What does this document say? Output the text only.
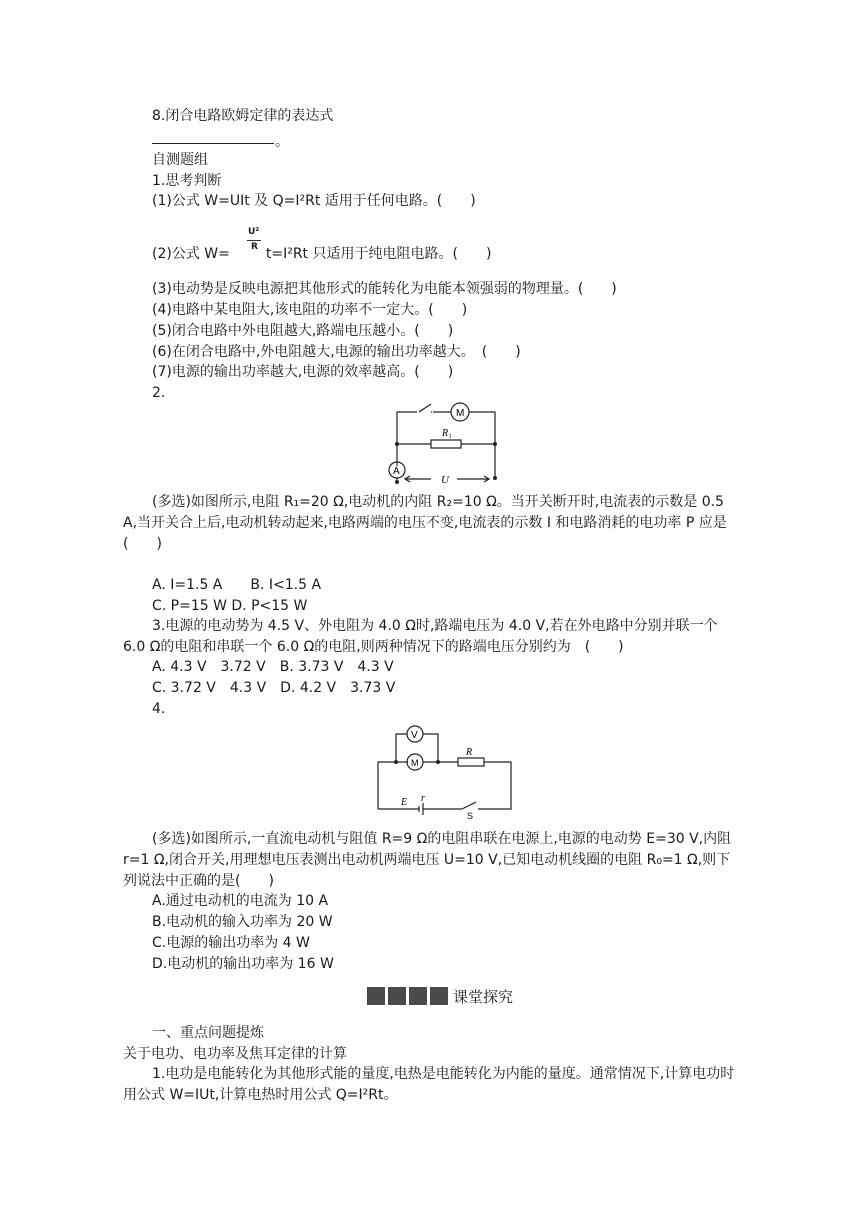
8.闭合电路欧姆定律的表达式
。
自测题组
1.思考判断
(1)公式 W=UIt 及 Q=I²Rt 适用于任何电路。(　　)
(2)公式 W=	t=I²Rt 只适用于纯电阻电路。(　　)
U²
R
(3)电动势是反映电源把其他形式的能转化为电能本领强弱的物理量。(　　)
(4)电路中某电阻大,该电阻的功率不一定大。(　　)
(5)闭合电路中外电阻越大,路端电压越小。(　　)
(6)在闭合电路中,外电阻越大,电源的输出功率越大。　(　　)
(7)电源的输出功率越大,电源的效率越高。(　　)
2.
M
A
R₁
U
(多选)如图所示,电阻 R₁=20 Ω,电动机的内阻 R₂=10 Ω。当开关断开时,电流表的示数是 0.5 A,当开关合上后,电动机转动起来,电路两端的电压不变,电流表的示数 I 和电路消耗的电功率 P 应是(　　)
A. I=1.5 A　　B. I<1.5 A
C. P=15 W D. P<15 W
3.电源的电动势为 4.5 V、外电阻为 4.0 Ω时,路端电压为 4.0 V,若在外电路中分别并联一个 6.0 Ω的电阻和串联一个 6.0 Ω的电阻,则两种情况下的路端电压分别约为　(　　)
A. 4.3 V　3.72 V　B. 3.73 V　4.3 V
C. 3.72 V　4.3 V　D. 4.2 V　3.73 V
4.
V
M
R
E r
S
(多选)如图所示,一直流电动机与阻值 R=9 Ω的电阻串联在电源上,电源的电动势 E=30 V,内阻 r=1 Ω,闭合开关,用理想电压表测出电动机两端电压 U=10 V,已知电动机线圈的电阻 R₀=1 Ω,则下列说法中正确的是(　　)
A.通过电动机的电流为 10 A
B.电动机的输入功率为 20 W
C.电源的输出功率为 4 W
D.电动机的输出功率为 16 W
课堂探究
一、重点问题提炼
关于电功、电功率及焦耳定律的计算
1.电功是电能转化为其他形式能的量度,电热是电能转化为内能的量度。通常情况下,计算电功时用公式 W=IUt,计算电热时用公式 Q=I²Rt。
